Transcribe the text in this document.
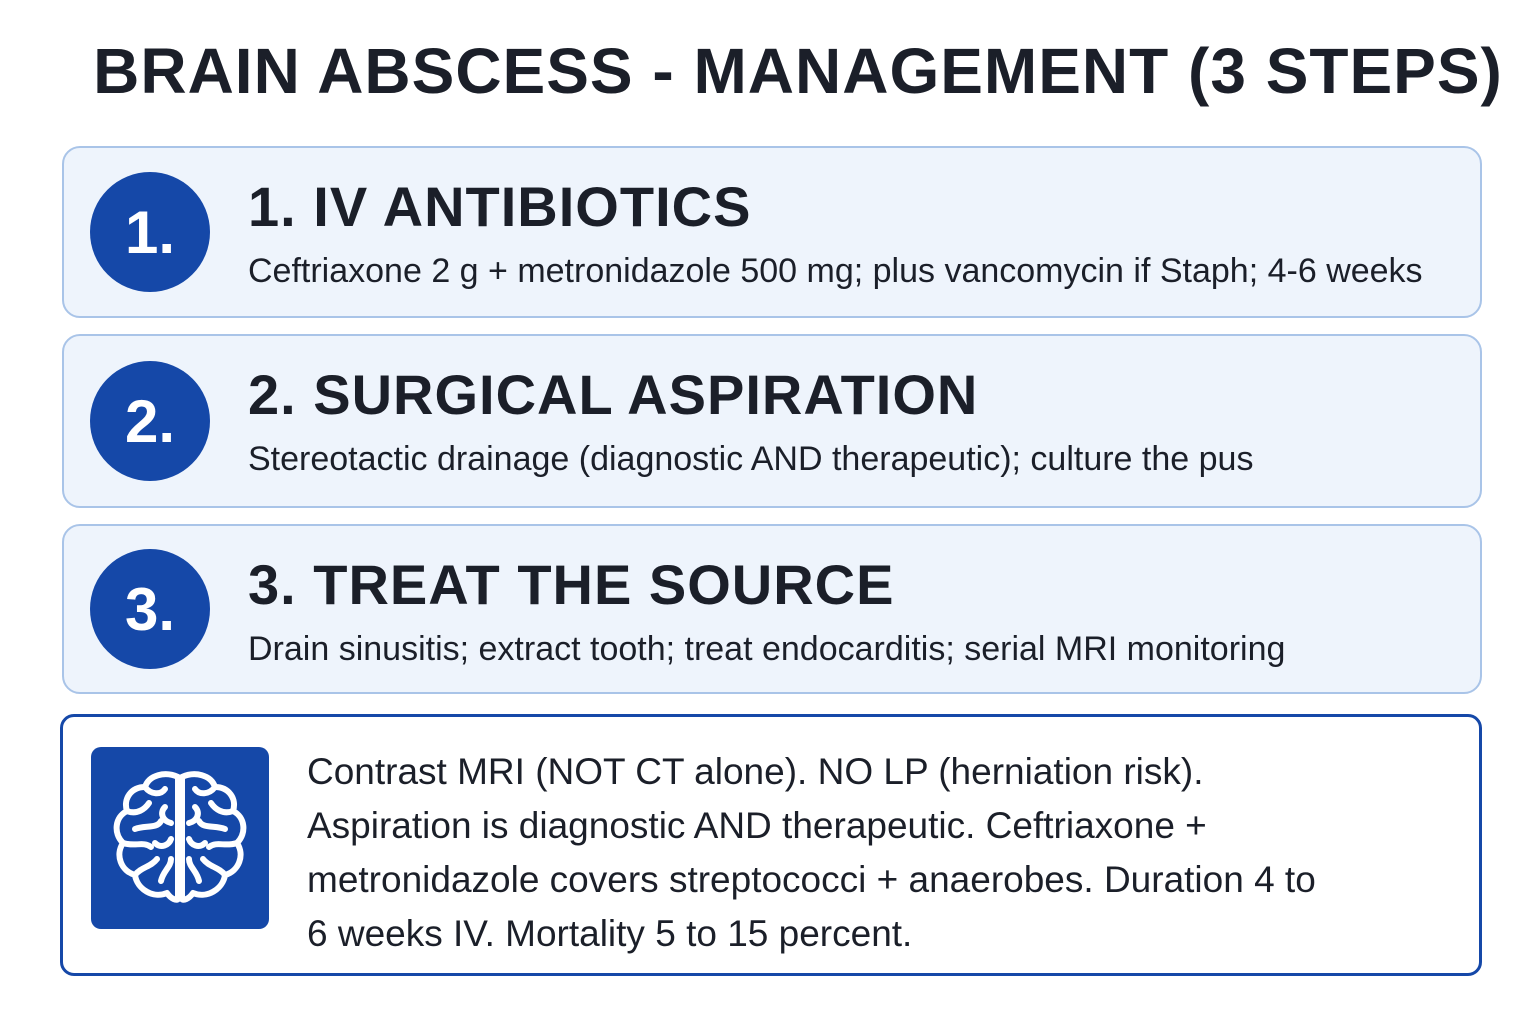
BRAIN ABSCESS - MANAGEMENT (3 STEPS)
1.	1. IV ANTIBIOTICS
Ceftriaxone 2 g + metronidazole 500 mg; plus vancomycin if Staph; 4-6 weeks
2.	2. SURGICAL ASPIRATION
Stereotactic drainage (diagnostic AND therapeutic); culture the pus
3.	3. TREAT THE SOURCE
Drain sinusitis; extract tooth; treat endocarditis; serial MRI monitoring
Contrast MRI (NOT CT alone). NO LP (herniation risk). Aspiration is diagnostic AND therapeutic. Ceftriaxone + metronidazole covers streptococci + anaerobes. Duration 4 to 6 weeks IV. Mortality 5 to 15 percent.
